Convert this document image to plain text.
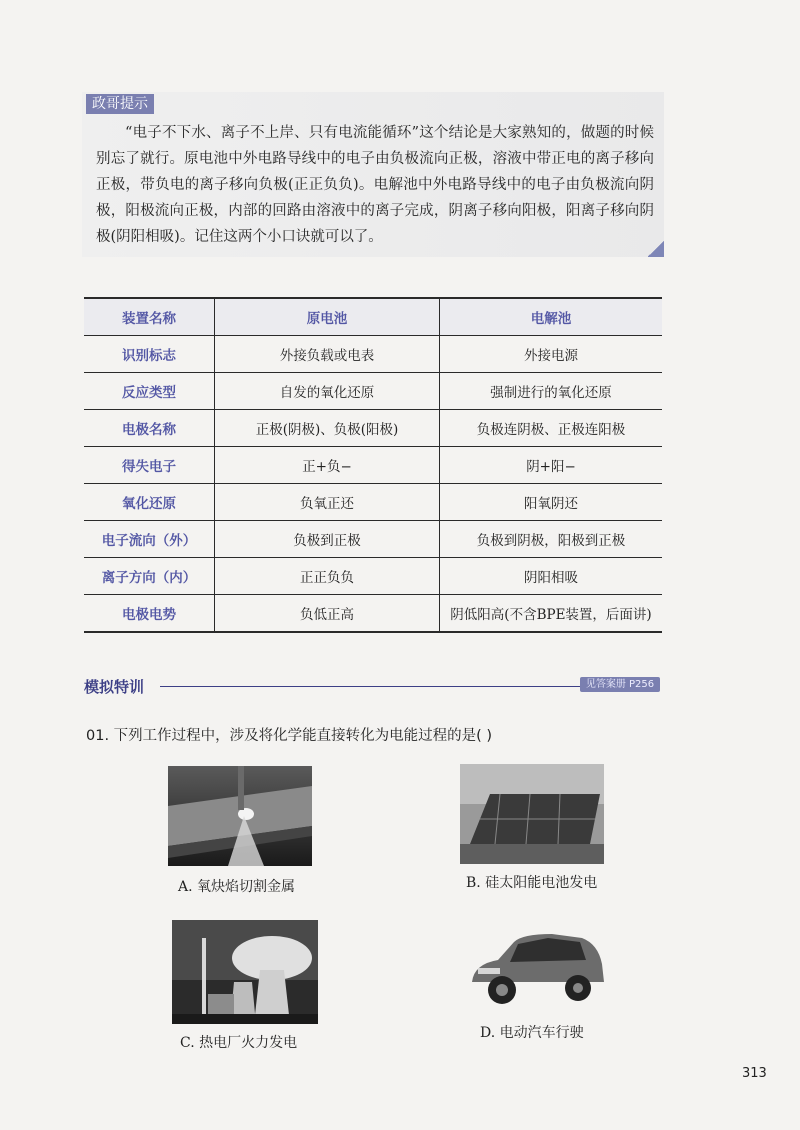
政哥提示

“电子不下水、离子不上岸、只有电流能循环”这个结论是大家熟知的，做题的时候别忘了就行。原电池中外电路导线中的电子由负极流向正极，溶液中带正电的离子移向正极，带负电的离子移向负极(正正负负)。电解池中外电路导线中的电子由负极流向阴极，阳极流向正极，内部的回路由溶液中的离子完成，阴离子移向阳极，阳离子移向阴极(阴阳相吸)。记住这两个小口诀就可以了。

装置名称	原电池	电解池
识别标志	外接负载或电表	外接电源
反应类型	自发的氧化还原	强制进行的氧化还原
电极名称	正极(阴极)、负极(阳极)	负极连阴极、正极连阳极
得失电子	正+负−	阴+阳−
氧化还原	负氧正还	阳氧阴还
电子流向（外）	负极到正极	负极到阴极，阳极到正极
离子方向（内）	正正负负	阴阳相吸
电极电势	负低正高	阴低阳高(不含BPE装置，后面讲)
模拟特训	见答案册 P256
01. 下列工作过程中，涉及将化学能直接转化为电能过程的是( )
A. 氧炔焰切割金属	B. 硅太阳能电池发电
C. 热电厂火力发电
D. 电动汽车行驶
313
